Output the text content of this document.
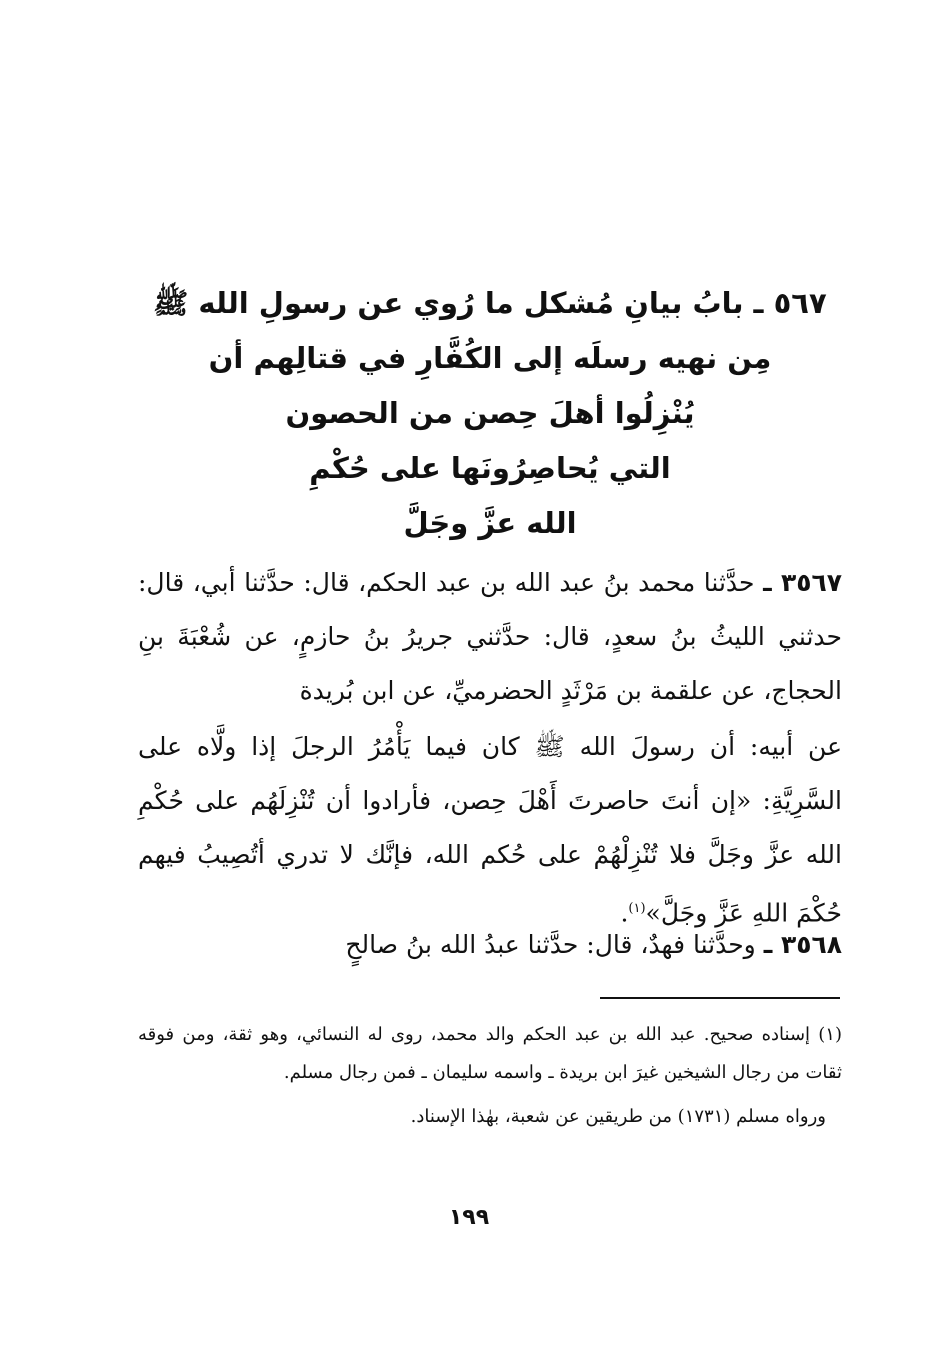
٥٦٧ ـ بابُ بيانِ مُشكل ما رُوي عن رسولِ الله ﷺ
مِن نهيه رسلَه إلى الكُفَّارِ في قتالِهم أن
يُنْزِلُوا أهلَ حِصن من الحصون
التي يُحاصِرُونَها على حُكْمِ
الله عزَّ وجَلَّ
٣٥٦٧ ـ حدَّثنا محمد بنُ عبد الله بن عبد الحكم، قال: حدَّثنا أبي، قال: حدثني الليثُ بنُ سعدٍ، قال: حدَّثني جريرُ بنُ حازمٍ، عن شُعْبَةَ بنِ الحجاج، عن علقمة بن مَرْثَدٍ الحضرميِّ، عن ابن بُريدة
عن أبيه: أن رسولَ الله ﷺ كان فيما يَأْمُرُ الرجلَ إذا ولَّاه على السَّرِيَّةِ: «إن أنتَ حاصرتَ أَهْلَ حِصن، فأرادوا أن تُنْزِلَهُم على حُكْمِ الله عزَّ وجَلَّ فلا تُنْزِلْهُمْ على حُكم الله، فإنَّك لا تدري أتُصِيبُ فيهم حُكْمَ اللهِ عَزَّ وجَلَّ»$^{(١)}$.
٣٥٦٨ ـ وحدَّثنا فهدٌ، قال: حدَّثنا عبدُ الله بنُ صالحٍ

(١) إسناده صحيح. عبد الله بن عبد الحكم والد محمد، روى له النسائي، وهو ثقة، ومن فوقه ثقات من رجال الشيخين غيرَ ابن بريدة ـ واسمه سليمان ـ فمن رجال مسلم.

ورواه مسلم (١٧٣١) من طريقين عن شعبة، بهٰذا الإسناد.

١٩٩
